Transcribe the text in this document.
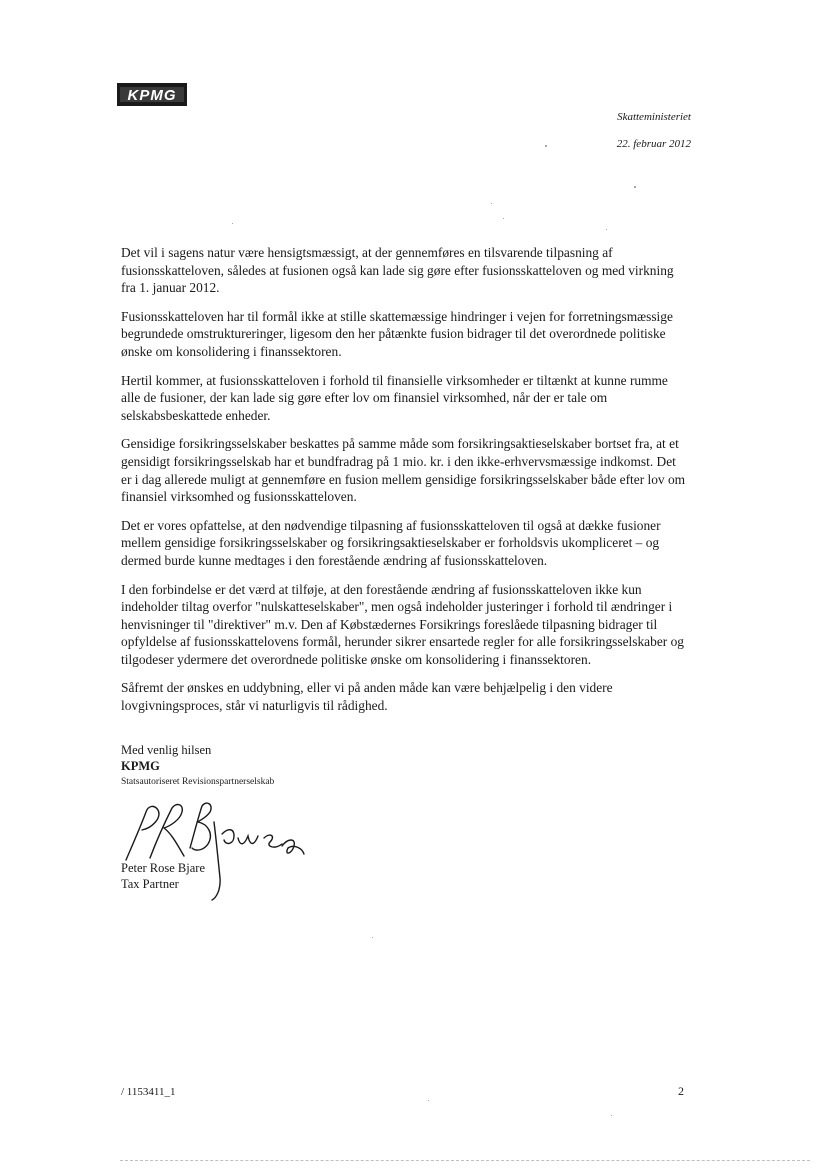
KPMG
Skatteministeriet
22. februar 2012

Det vil i sagens natur være hensigtsmæssigt, at der gennemføres en tilsvarende tilpasning af fusionsskatteloven, således at fusionen også kan lade sig gøre efter fusionsskatteloven og med virkning fra 1. januar 2012.

Fusionsskatteloven har til formål ikke at stille skattemæssige hindringer i vejen for forretningsmæssige begrundede omstruktureringer, ligesom den her påtænkte fusion bidrager til det overordnede politiske ønske om konsolidering i finanssektoren.

Hertil kommer, at fusionsskatteloven i forhold til finansielle virksomheder er tiltænkt at kunne rumme alle de fusioner, der kan lade sig gøre efter lov om finansiel virksomhed, når der er tale om selskabsbeskattede enheder.

Gensidige forsikringsselskaber beskattes på samme måde som forsikringsaktieselskaber bortset fra, at et gensidigt forsikringsselskab har et bundfradrag på 1 mio. kr. i den ikke-erhvervsmæssige indkomst. Det er i dag allerede muligt at gennemføre en fusion mellem gensidige forsikringsselskaber både efter lov om finansiel virksomhed og fusionsskatteloven.

Det er vores opfattelse, at den nødvendige tilpasning af fusionsskatteloven til også at dække fusioner mellem gensidige forsikringsselskaber og forsikringsaktieselskaber er forholdsvis ukompliceret – og dermed burde kunne medtages i den forestående ændring af fusionsskatteloven.

I den forbindelse er det værd at tilføje, at den forestående ændring af fusionsskatteloven ikke kun indeholder tiltag overfor "nulskatteselskaber", men også indeholder justeringer i forhold til ændringer i henvisninger til "direktiver" m.v. Den af Købstædernes Forsikrings foreslåede tilpasning bidrager til opfyldelse af fusionsskattelovens formål, herunder sikrer ensartede regler for alle forsikringsselskaber og tilgodeser ydermere det overordnede politiske ønske om konsolidering i finanssektoren.

Såfremt der ønskes en uddybning, eller vi på anden måde kan være behjælpelig i den videre lovgivningsproces, står vi naturligvis til rådighed.

Med venlig hilsen
KPMG
Statsautoriseret Revisionspartnerselskab
Peter Rose Bjare
Tax Partner
/ 1153411_1	2
